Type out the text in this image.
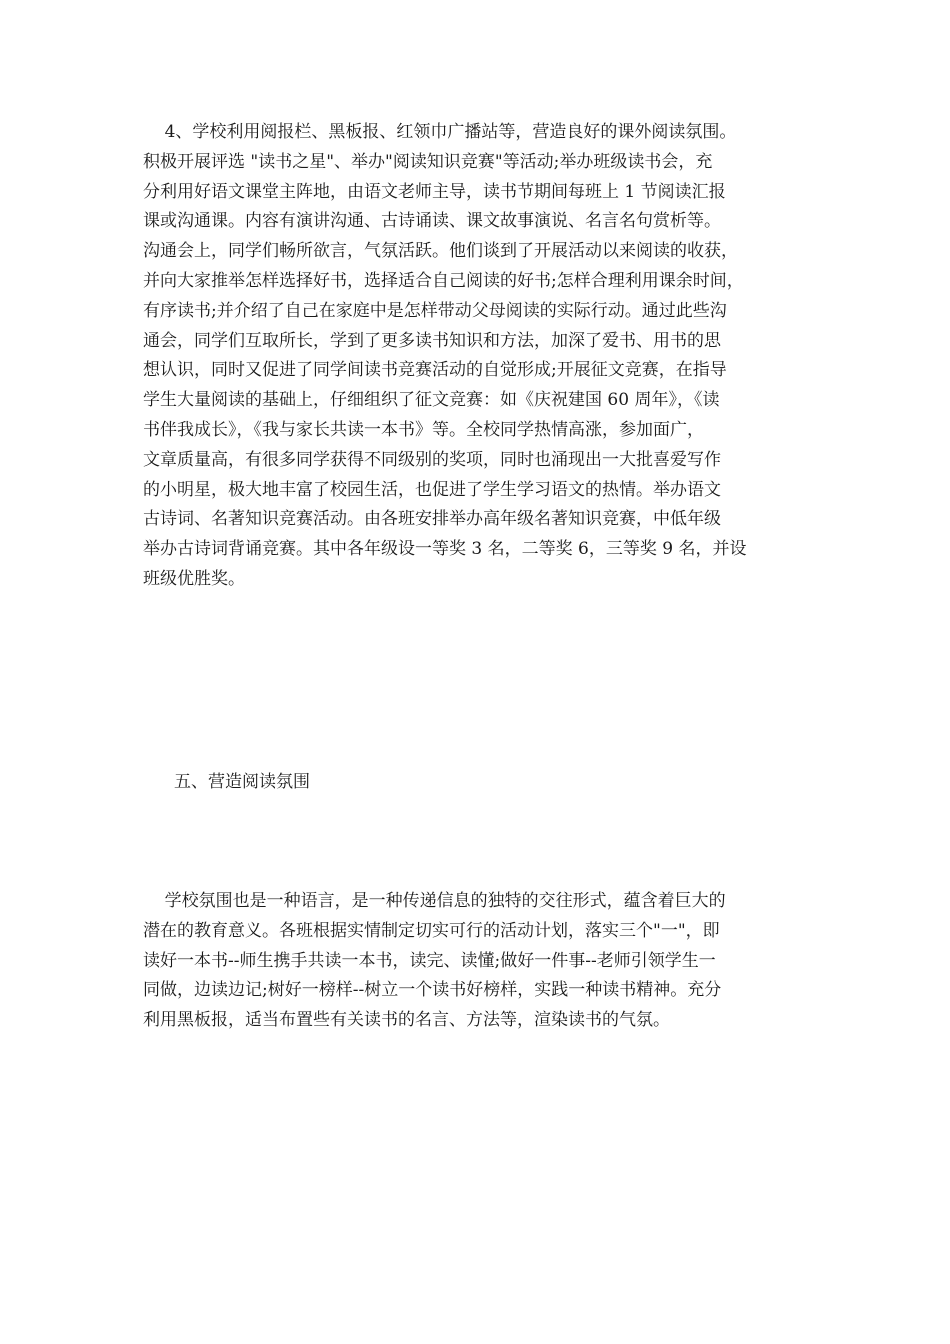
4、学校利用阅报栏、黑板报、红领巾广播站等，营造良好的课外阅读氛围。
积极开展评选 "读书之星"、举办"阅读知识竞赛"等活动;举办班级读书会，充
分利用好语文课堂主阵地，由语文老师主导，读书节期间每班上 1 节阅读汇报
课或沟通课。内容有演讲沟通、古诗诵读、课文故事演说、名言名句赏析等。
沟通会上，同学们畅所欲言，气氛活跃。他们谈到了开展活动以来阅读的收获，
并向大家推举怎样选择好书，选择适合自己阅读的好书;怎样合理利用课余时间，
有序读书;并介绍了自己在家庭中是怎样带动父母阅读的实际行动。通过此些沟
通会，同学们互取所长，学到了更多读书知识和方法，加深了爱书、用书的思
想认识，同时又促进了同学间读书竞赛活动的自觉形成;开展征文竞赛，在指导
学生大量阅读的基础上，仔细组织了征文竞赛：如《庆祝建国 60 周年》，《读
书伴我成长》，《我与家长共读一本书》等。全校同学热情高涨，参加面广，
文章质量高，有很多同学获得不同级别的奖项，同时也涌现出一大批喜爱写作
的小明星，极大地丰富了校园生活，也促进了学生学习语文的热情。举办语文
古诗词、名著知识竞赛活动。由各班安排举办高年级名著知识竞赛，中低年级
举办古诗词背诵竞赛。其中各年级设一等奖 3 名，二等奖 6，三等奖 9 名，并设
班级优胜奖。
五、营造阅读氛围
学校氛围也是一种语言，是一种传递信息的独特的交往形式，蕴含着巨大的
潜在的教育意义。各班根据实情制定切实可行的活动计划，落实三个"一"，即
读好一本书--师生携手共读一本书，读完、读懂;做好一件事--老师引领学生一
同做，边读边记;树好一榜样--树立一个读书好榜样，实践一种读书精神。充分
利用黑板报，适当布置些有关读书的名言、方法等，渲染读书的气氛。
